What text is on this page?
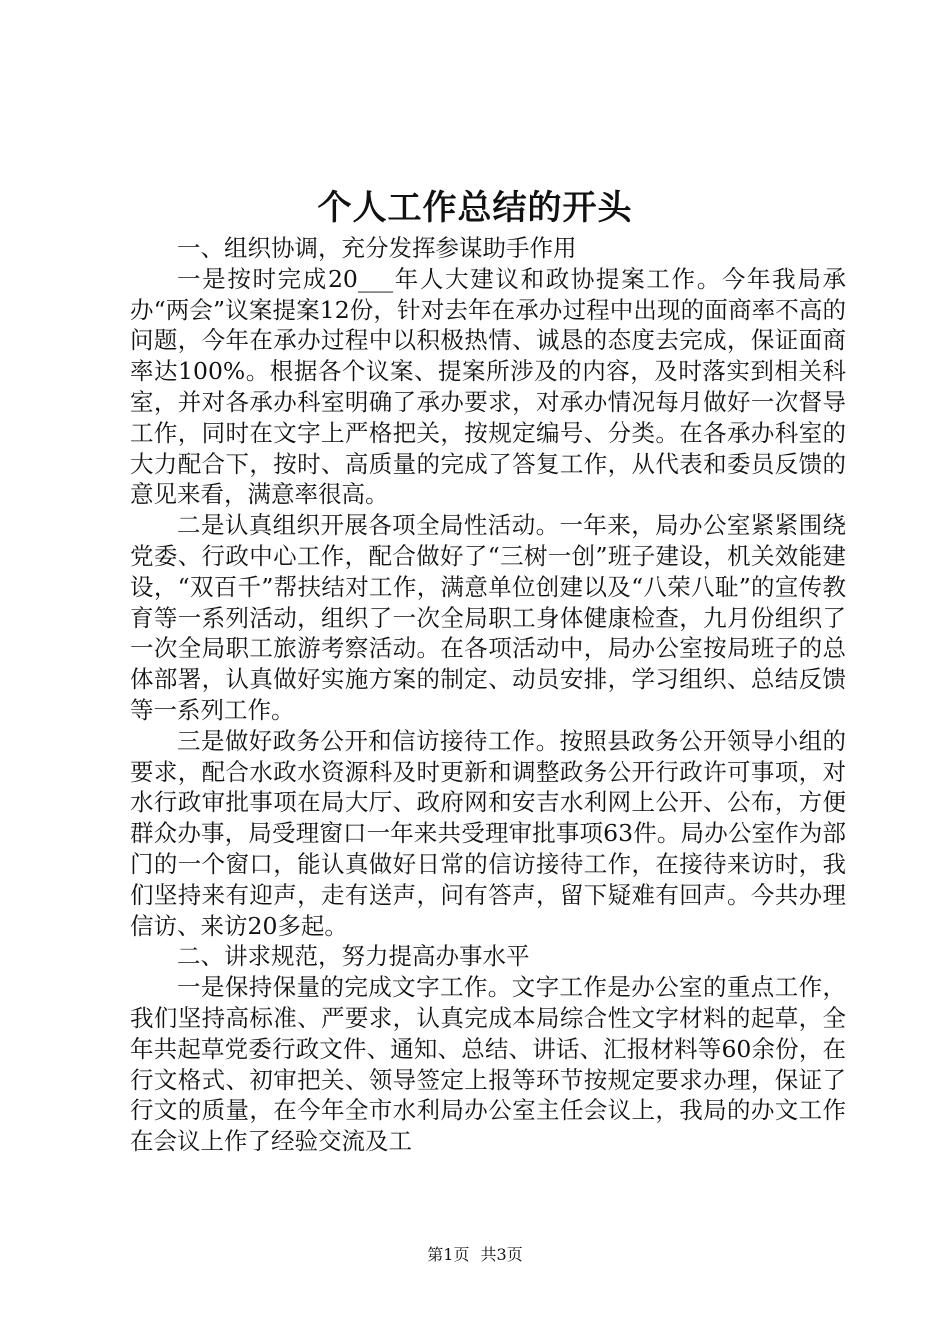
个人工作总结的开头

一、组织协调，充分发挥参谋助手作用

一是按时完成20___年人大建议和政协提案工作。今年我局承办“两会”议案提案12份，针对去年在承办过程中出现的面商率不高的问题，今年在承办过程中以积极热情、诚恳的态度去完成，保证面商率达100%。根据各个议案、提案所涉及的内容，及时落实到相关科室，并对各承办科室明确了承办要求，对承办情况每月做好一次督导工作，同时在文字上严格把关，按规定编号、分类。在各承办科室的大力配合下，按时、高质量的完成了答复工作，从代表和委员反馈的意见来看，满意率很高。

二是认真组织开展各项全局性活动。一年来，局办公室紧紧围绕党委、行政中心工作，配合做好了“三树一创”班子建设，机关效能建设，“双百千”帮扶结对工作，满意单位创建以及“八荣八耻”的宣传教育等一系列活动，组织了一次全局职工身体健康检查，九月份组织了一次全局职工旅游考察活动。在各项活动中，局办公室按局班子的总体部署，认真做好实施方案的制定、动员安排，学习组织、总结反馈等一系列工作。

三是做好政务公开和信访接待工作。按照县政务公开领导小组的要求，配合水政水资源科及时更新和调整政务公开行政许可事项，对水行政审批事项在局大厅、政府网和安吉水利网上公开、公布，方便群众办事，局受理窗口一年来共受理审批事项63件。局办公室作为部门的一个窗口，能认真做好日常的信访接待工作，在接待来访时，我们坚持来有迎声，走有送声，问有答声，留下疑难有回声。今共办理信访、来访20多起。

二、讲求规范，努力提高办事水平

一是保持保量的完成文字工作。文字工作是办公室的重点工作，我们坚持高标准、严要求，认真完成本局综合性文字材料的起草，全年共起草党委行政文件、通知、总结、讲话、汇报材料等60余份，在行文格式、初审把关、领导签定上报等环节按规定要求办理，保证了行文的质量，在今年全市水利局办公室主任会议上，我局的办文工作在会议上作了经验交流及工

第1页 共3页
